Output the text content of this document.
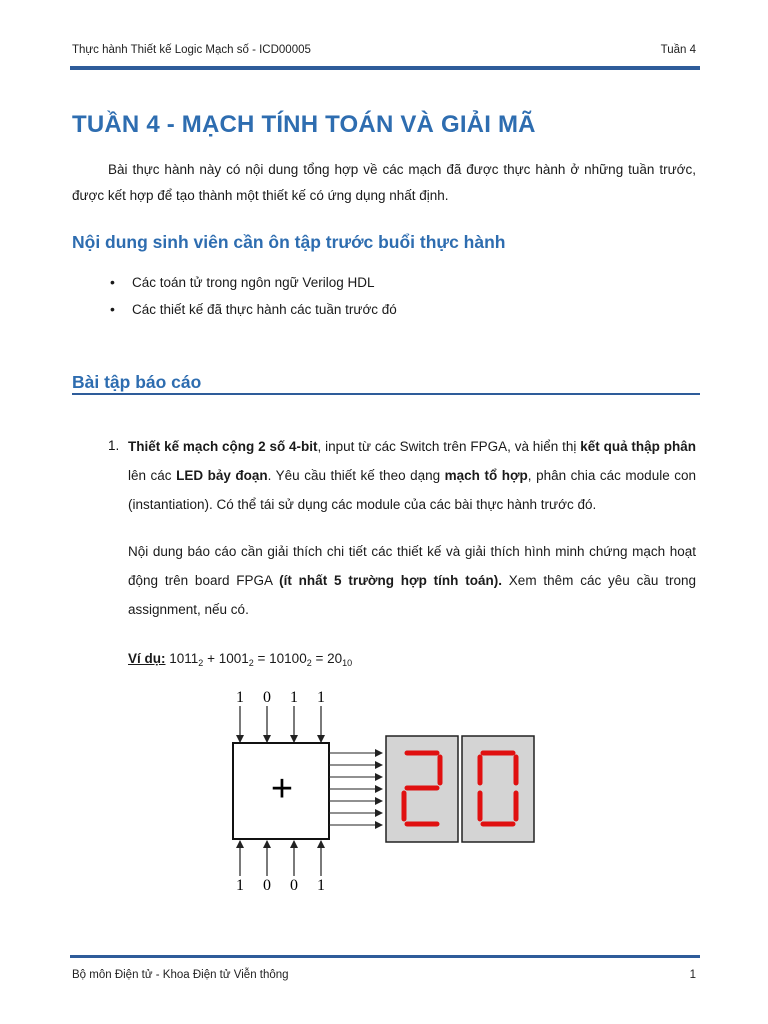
Thực hành Thiết kế Logic Mạch số - ICD00005	Tuần 4
TUẦN 4 - MẠCH TÍNH TOÁN VÀ GIẢI MÃ
Bài thực hành này có nội dung tổng hợp về các mạch đã được thực hành ở những tuần trước, được kết hợp để tạo thành một thiết kế có ứng dụng nhất định.
Nội dung sinh viên cần ôn tập trước buổi thực hành
• Các toán tử trong ngôn ngữ Verilog HDL
• Các thiết kế đã thực hành các tuần trước đó
Bài tập báo cáo
1. Thiết kế mạch cộng 2 số 4-bit, input từ các Switch trên FPGA, và hiển thị kết quả thập phân lên các LED bảy đoạn. Yêu cầu thiết kế theo dạng mạch tổ hợp, phân chia các module con (instantiation). Có thể tái sử dụng các module của các bài thực hành trước đó.
Nội dung báo cáo cần giải thích chi tiết các thiết kế và giải thích hình minh chứng mạch hoạt động trên board FPGA (ít nhất 5 trường hợp tính toán). Xem thêm các yêu cầu trong assignment, nếu có.
Ví dụ: $1011_2 + 1001_2 = 10100_2 = 20_{10}$
1 0 1 1
+
1 0 0 1
Bộ môn Điện tử - Khoa Điện tử Viễn thông	1
